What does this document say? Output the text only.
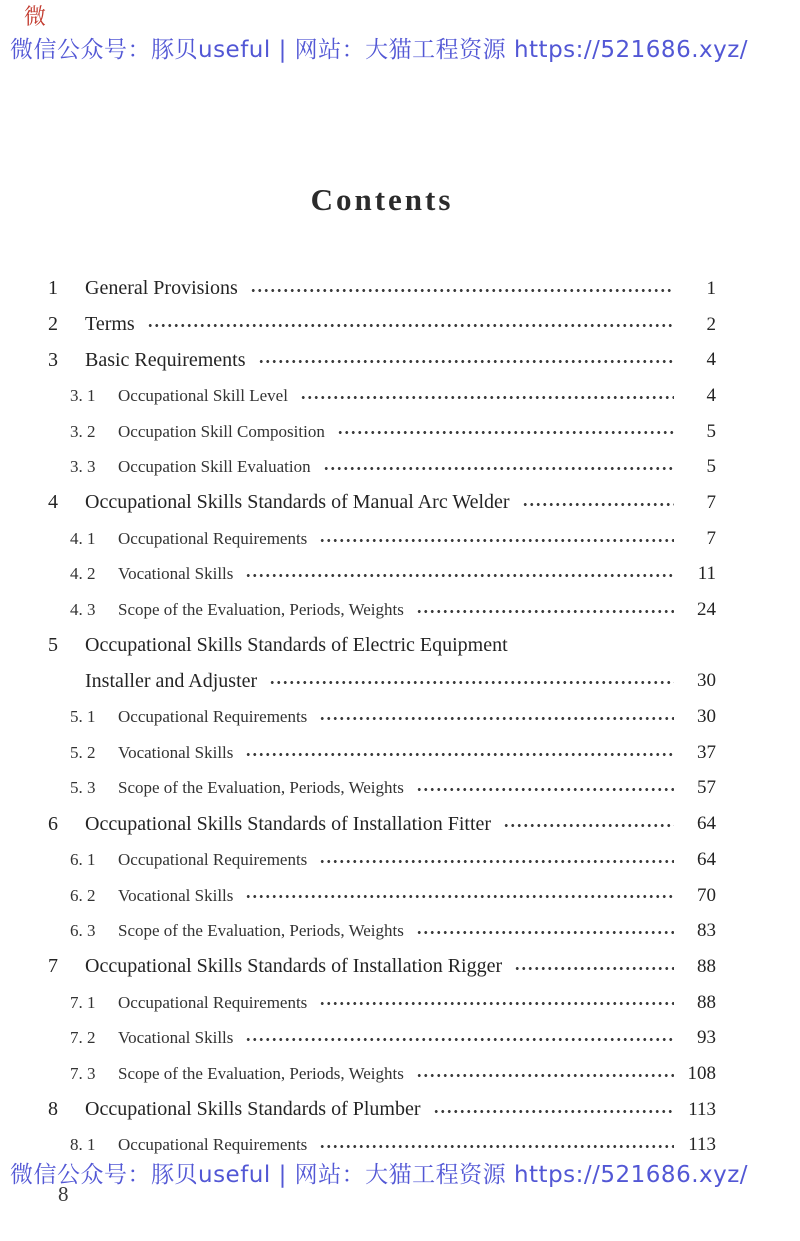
微
微信公众号：豚贝useful | 网站：大猫工程资源 https://521686.xyz/
Contents
1	General Provisions	1
2	Terms	2
3	Basic Requirements	4
3. 1	Occupational Skill Level	4
3. 2	Occupation Skill Composition	5
3. 3	Occupation Skill Evaluation	5
4	Occupational Skills Standards of Manual Arc Welder	7
4. 1	Occupational Requirements	7
4. 2	Vocational Skills	11
4. 3	Scope of the Evaluation, Periods, Weights	24
5	Occupational Skills Standards of Electric Equipment
Installer and Adjuster	30
5. 1	Occupational Requirements	30
5. 2	Vocational Skills	37
5. 3	Scope of the Evaluation, Periods, Weights	57
6	Occupational Skills Standards of Installation Fitter	64
6. 1	Occupational Requirements	64
6. 2	Vocational Skills	70
6. 3	Scope of the Evaluation, Periods, Weights	83
7	Occupational Skills Standards of Installation Rigger	88
7. 1	Occupational Requirements	88
7. 2	Vocational Skills	93
7. 3	Scope of the Evaluation, Periods, Weights	108
8	Occupational Skills Standards of Plumber	113
8. 1	Occupational Requirements	113
微信公众号：豚贝useful | 网站：大猫工程资源 https://521686.xyz/
8
